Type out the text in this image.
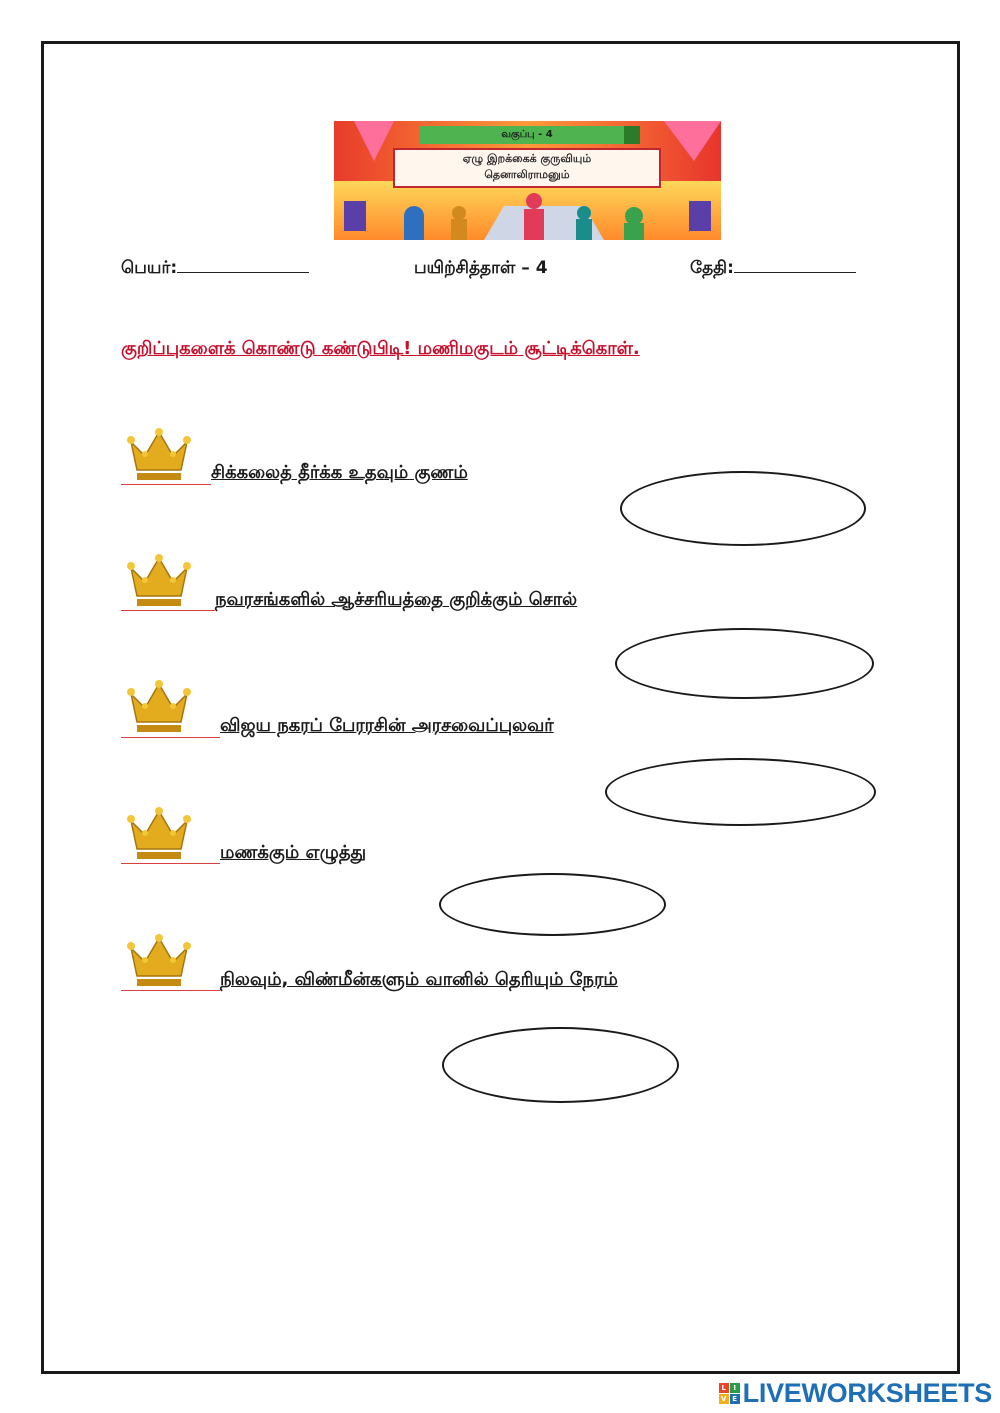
வகுப்பு - 4
ஏழு இறக்கைக் குருவியும்
தெனாலிராமனும்
பெயர்:	பயிற்சித்தாள் – 4	தேதி:
குறிப்புகளைக் கொண்டு கண்டுபிடி! மணிமகுடம் சூட்டிக்கொள்.
சிக்கலைத் தீர்க்க உதவும் குணம்
நவரசங்களில் ஆச்சரியத்தை குறிக்கும் சொல்
விஜய நகரப் பேரரசின் அரசவைப்புலவர்
மணக்கும் எழுத்து
நிலவும், விண்மீன்களும் வானில் தெரியும் நேரம்
L	I
V E LIVEWORKSHEETS
